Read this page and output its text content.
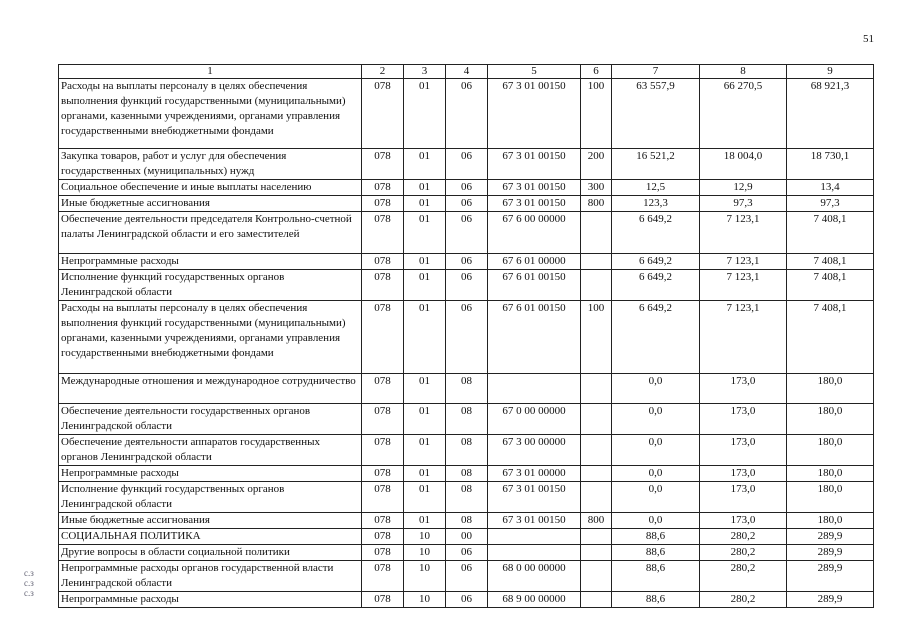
51
1	2	3	4	5	6	7	8	9
Расходы на выплаты персоналу в целях обеспечения выполнения функций государственными (муниципальными) органами, казенными учреждениями, органами управления государственными внебюджетными фондами	078	01	06	67 3 01 00150	100	63 557,9	66 270,5	68 921,3
Закупка товаров, работ и услуг для обеспечения государственных (муниципальных) нужд	078	01	06	67 3 01 00150	200	16 521,2	18 004,0	18 730,1
Социальное обеспечение и иные выплаты населению	078	01	06	67 3 01 00150	300	12,5	12,9	13,4
Иные бюджетные ассигнования	078	01	06	67 3 01 00150	800	123,3	97,3	97,3
Обеспечение деятельности председателя Контрольно-счетной палаты Ленинградской области и его заместителей	078	01	06	67 6 00 00000		6 649,2	7 123,1	7 408,1
Непрограммные расходы	078	01	06	67 6 01 00000		6 649,2	7 123,1	7 408,1
Исполнение функций государственных органов Ленинградской области	078	01	06	67 6 01 00150		6 649,2	7 123,1	7 408,1
Расходы на выплаты персоналу в целях обеспечения выполнения функций государственными (муниципальными) органами, казенными учреждениями, органами управления государственными внебюджетными фондами	078	01	06	67 6 01 00150	100	6 649,2	7 123,1	7 408,1
Международные отношения и международное сотрудничество	078	01	08			0,0	173,0	180,0
Обеспечение деятельности государственных органов Ленинградской области	078	01	08	67 0 00 00000		0,0	173,0	180,0
Обеспечение деятельности аппаратов государственных органов Ленинградской области	078	01	08	67 3 00 00000		0,0	173,0	180,0
Непрограммные расходы	078	01	08	67 3 01 00000		0,0	173,0	180,0
Исполнение функций государственных органов Ленинградской области	078	01	08	67 3 01 00150		0,0	173,0	180,0
Иные бюджетные ассигнования	078	01	08	67 3 01 00150	800	0,0	173,0	180,0
СОЦИАЛЬНАЯ ПОЛИТИКА	078	10	00			88,6	280,2	289,9
Другие вопросы в области социальной политики	078	10	06			88,6	280,2	289,9
Непрограммные расходы органов государственной власти Ленинградской области	078	10	06	68 0 00 00000		88,6	280,2	289,9
Непрограммные расходы	078	10	06	68 9 00 00000		88,6	280,2	289,9
с.з
с.з
с.з
